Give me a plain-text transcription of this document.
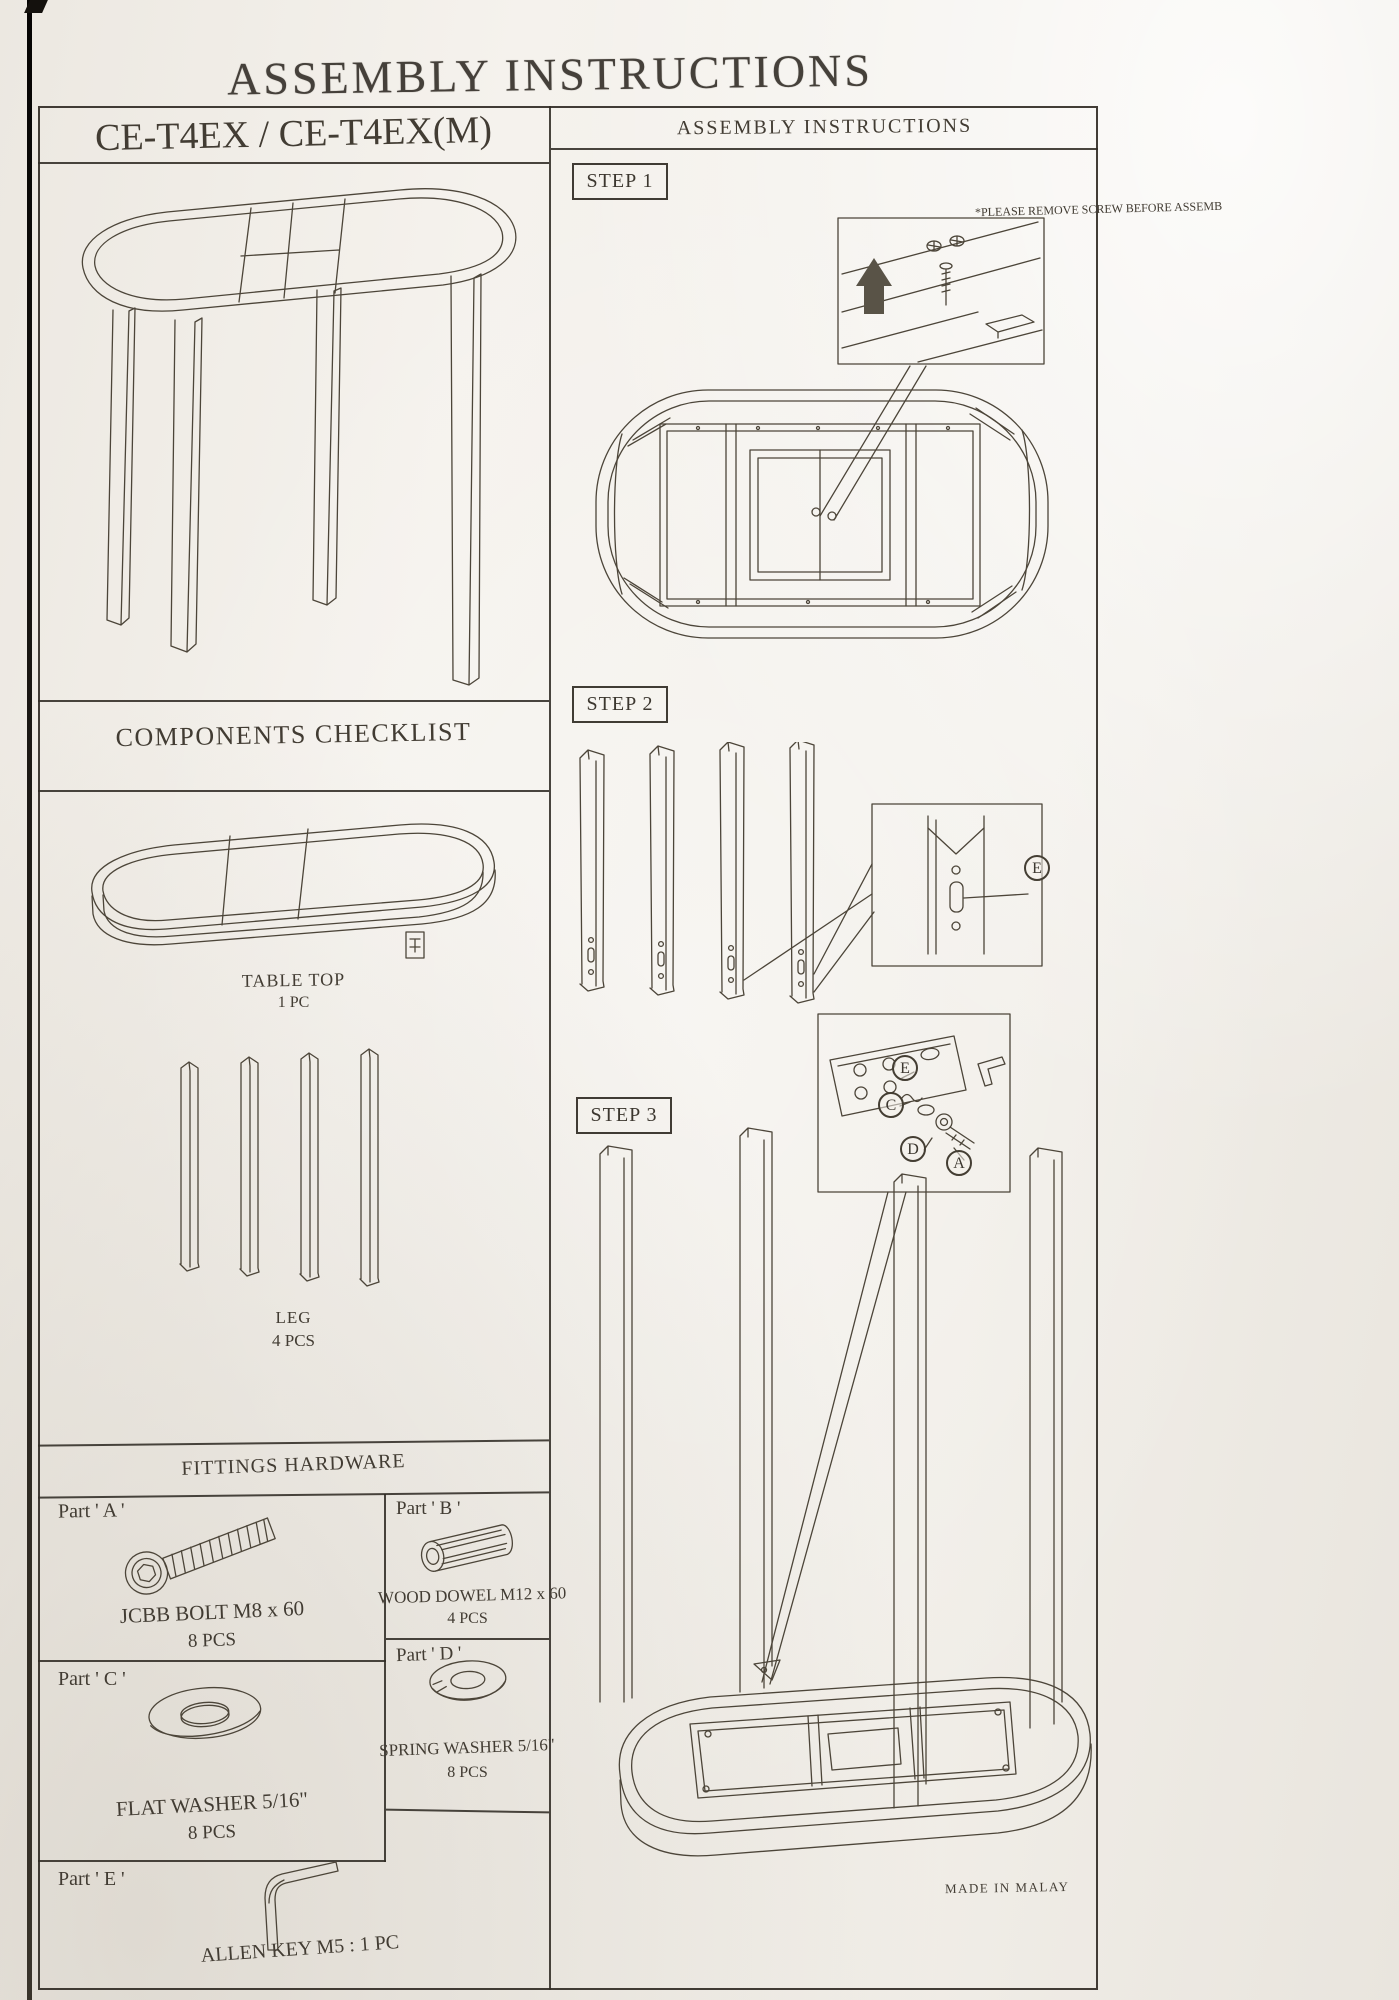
ASSEMBLY INSTRUCTIONS
CE-T4EX / CE-T4EX(M)
COMPONENTS CHECKLIST
TABLE TOP
1 PC
LEG
4 PCS
FITTINGS HARDWARE
Part ' A '
JCBB BOLT M8 x 60
8 PCS
Part ' B '
WOOD DOWEL M12 x 60
4 PCS
Part ' C '
FLAT WASHER 5/16"
8 PCS
Part ' D '
SPRING WASHER 5/16"
8 PCS
Part ' E '
ALLEN KEY M5 : 1 PC
ASSEMBLY INSTRUCTIONS
*PLEASE REMOVE SCREW BEFORE ASSEMB
STEP 1
STEP 2
E
STEP 3
E
C
D
A
MADE IN MALAY
